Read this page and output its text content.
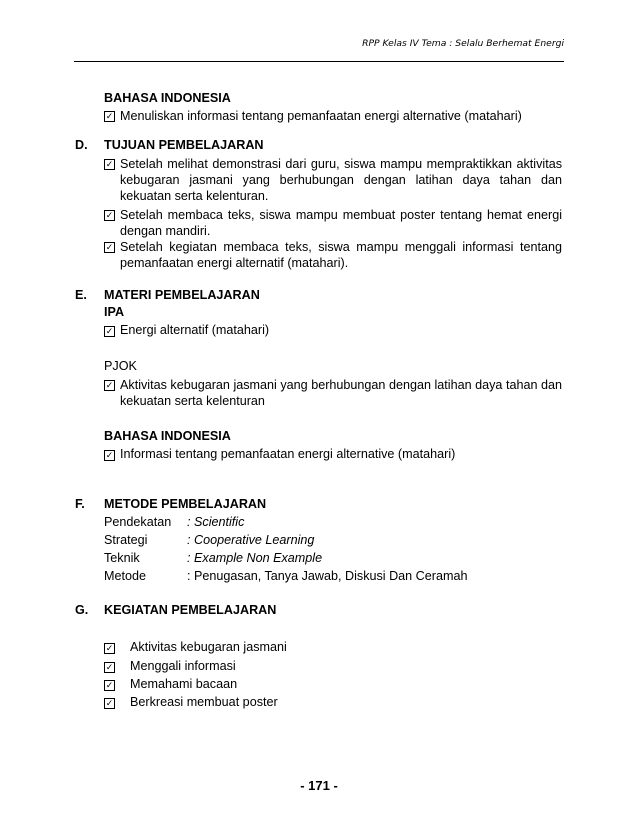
RPP Kelas IV Tema : Selalu Berhemat Energi
BAHASA INDONESIA
✓ Menuliskan informasi tentang pemanfaatan energi alternative (matahari)
D. TUJUAN PEMBELAJARAN
✓ Setelah melihat demonstrasi dari guru, siswa mampu mempraktikkan aktivitas kebugaran jasmani yang berhubungan dengan latihan daya tahan dan kekuatan serta kelenturan.
✓ Setelah membaca teks, siswa mampu membuat poster tentang hemat energi dengan mandiri.
✓ Setelah kegiatan membaca teks, siswa mampu menggali informasi tentang pemanfaatan energi alternatif (matahari).
E. MATERI PEMBELAJARAN
IPA
✓ Energi alternatif (matahari)
PJOK
✓ Aktivitas kebugaran jasmani yang berhubungan dengan latihan daya tahan dan kekuatan serta kelenturan
BAHASA INDONESIA
✓ Informasi tentang pemanfaatan energi alternative (matahari)
F. METODE PEMBELAJARAN
Pendekatan : Scientific
Strategi	: Cooperative Learning
Teknik	: Example Non Example
Metode	: Penugasan, Tanya Jawab, Diskusi Dan Ceramah
G. KEGIATAN PEMBELAJARAN
✓ Aktivitas kebugaran jasmani
✓ Menggali informasi
✓ Memahami bacaan
✓ Berkreasi membuat poster
- 171 -
